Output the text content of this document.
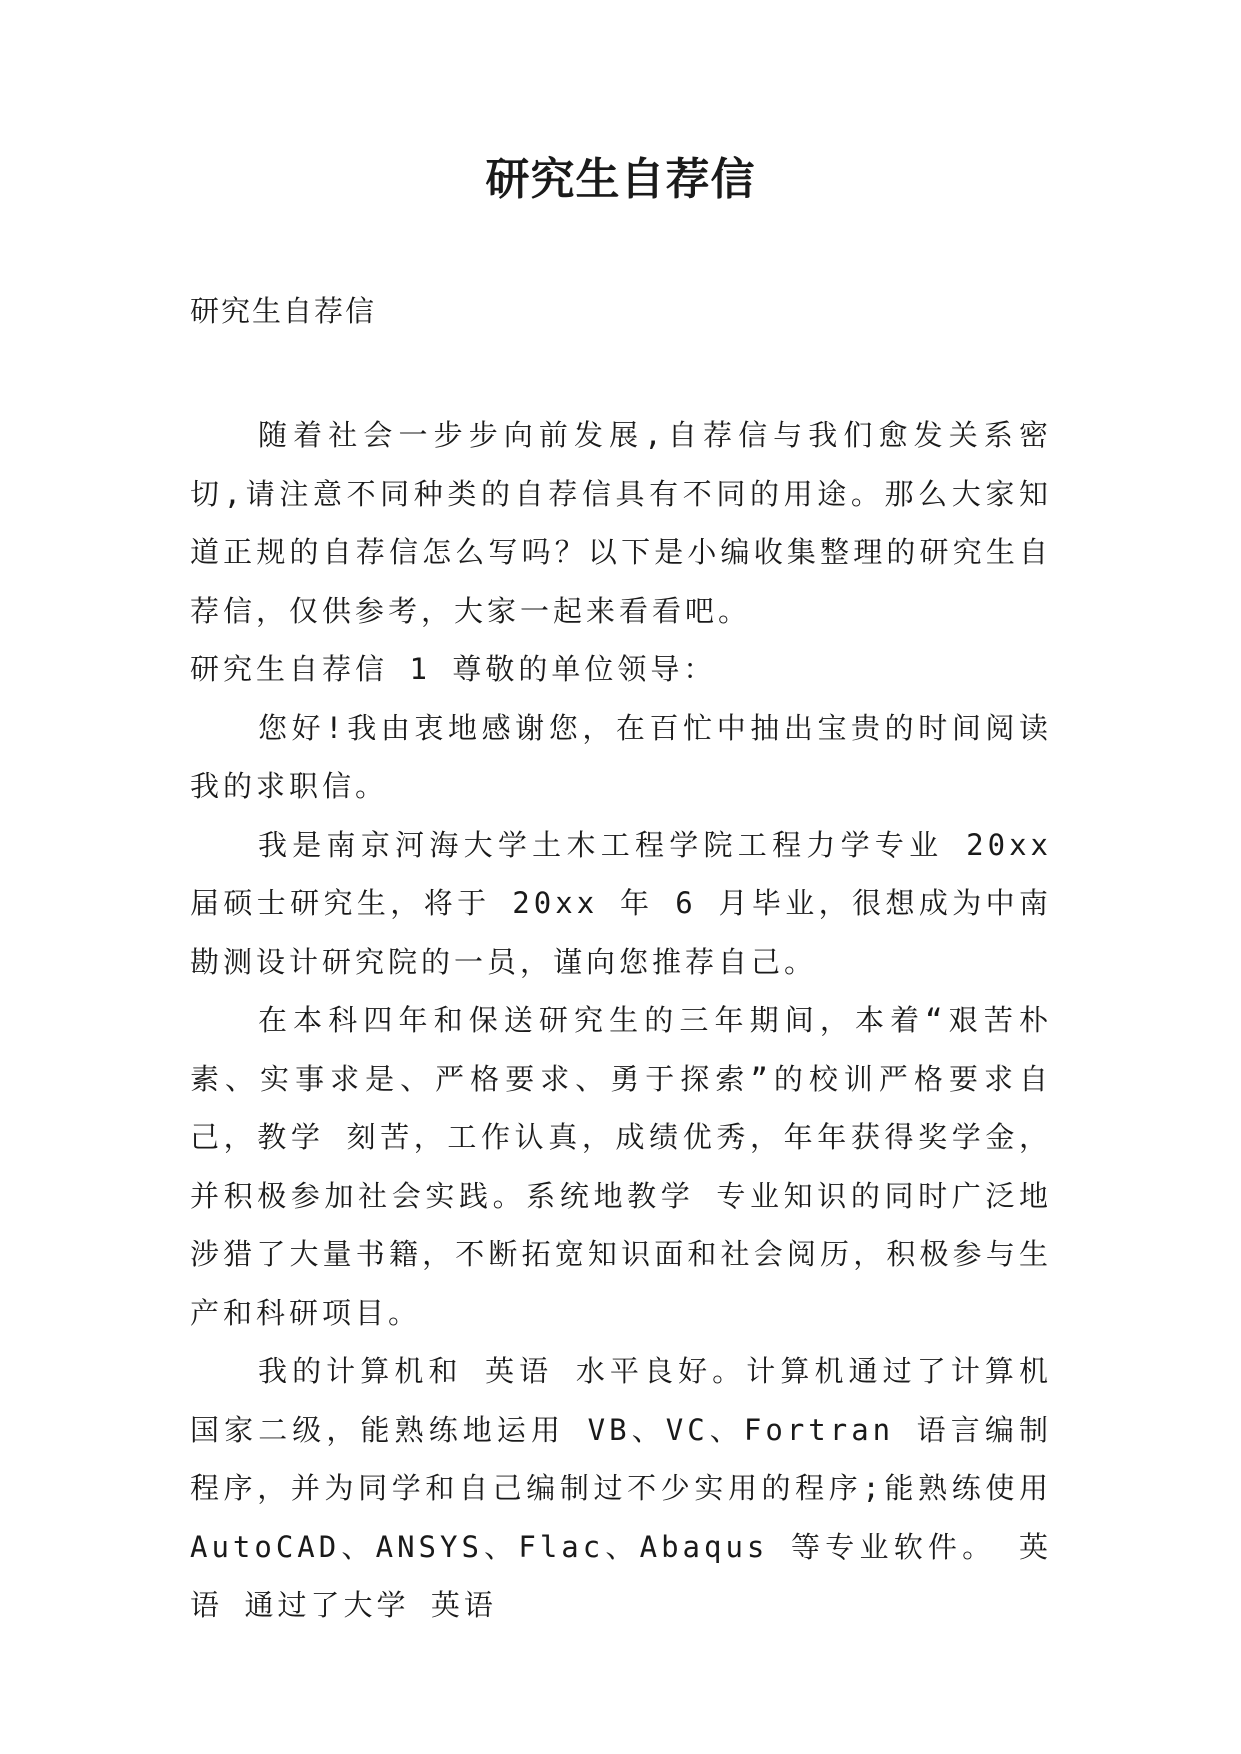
研究生自荐信
研究生自荐信

随着社会一步步向前发展,自荐信与我们愈发关系密切,请注意不同种类的自荐信具有不同的用途。那么大家知道正规的自荐信怎么写吗？以下是小编收集整理的研究生自荐信，仅供参考，大家一起来看看吧。

研究生自荐信 1 尊敬的单位领导：

您好!我由衷地感谢您，在百忙中抽出宝贵的时间阅读我的求职信。

我是南京河海大学土木工程学院工程力学专业 20xx 届硕士研究生，将于 20xx 年 6 月毕业，很想成为中南勘测设计研究院的一员，谨向您推荐自己。

在本科四年和保送研究生的三年期间，本着“艰苦朴素、实事求是、严格要求、勇于探索”的校训严格要求自己，教学 刻苦，工作认真，成绩优秀，年年获得奖学金，并积极参加社会实践。系统地教学 专业知识的同时广泛地涉猎了大量书籍，不断拓宽知识面和社会阅历，积极参与生产和科研项目。

我的计算机和 英语 水平良好。计算机通过了计算机国家二级，能熟练地运用 VB、VC、Fortran 语言编制程序，并为同学和自己编制过不少实用的程序;能熟练使用 AutoCAD、ANSYS、Flac、Abaqus 等专业软件。 英语 通过了大学 英语
